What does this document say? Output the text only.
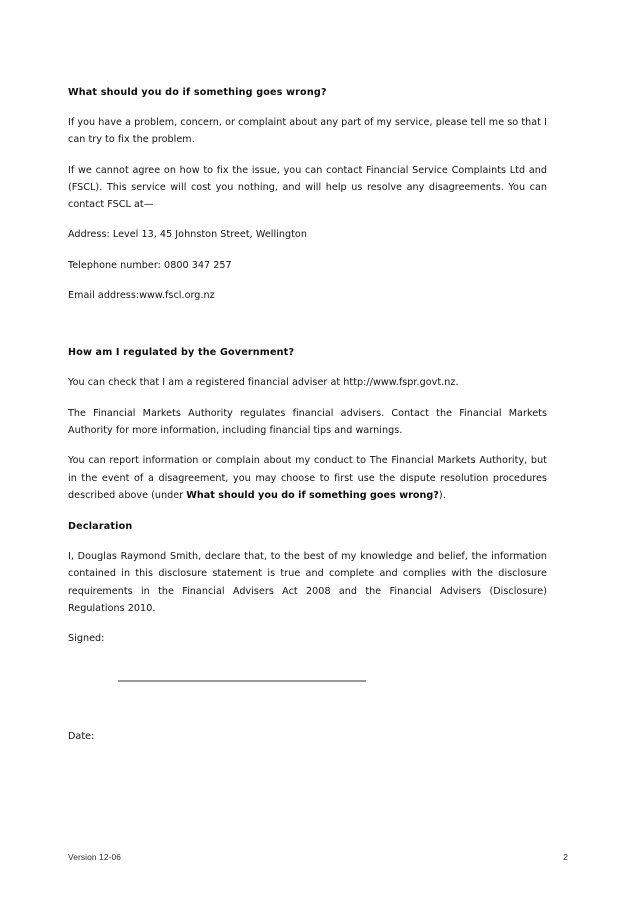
What should you do if something goes wrong?

If you have a problem, concern, or complaint about any part of my service, please tell me so that I can try to fix the problem.

If we cannot agree on how to fix the issue, you can contact Financial Service Complaints Ltd and (FSCL). This service will cost you nothing, and will help us resolve any disagreements. You can contact FSCL at—

Address: Level 13, 45 Johnston Street, Wellington

Telephone number: 0800 347 257

Email address:www.fscl.org.nz

How am I regulated by the Government?

You can check that I am a registered financial adviser at http://www.fspr.govt.nz.

The Financial Markets Authority regulates financial advisers. Contact the Financial Markets Authority for more information, including financial tips and warnings.

You can report information or complain about my conduct to The Financial Markets Authority, but in the event of a disagreement, you may choose to first use the dispute resolution procedures described above (under What should you do if something goes wrong?).

Declaration

I, Douglas Raymond Smith, declare that, to the best of my knowledge and belief, the information contained in this disclosure statement is true and complete and complies with the disclosure requirements in the Financial Advisers Act 2008 and the Financial Advisers (Disclosure) Regulations 2010.

Signed:

Date:

Version 12-06	2
